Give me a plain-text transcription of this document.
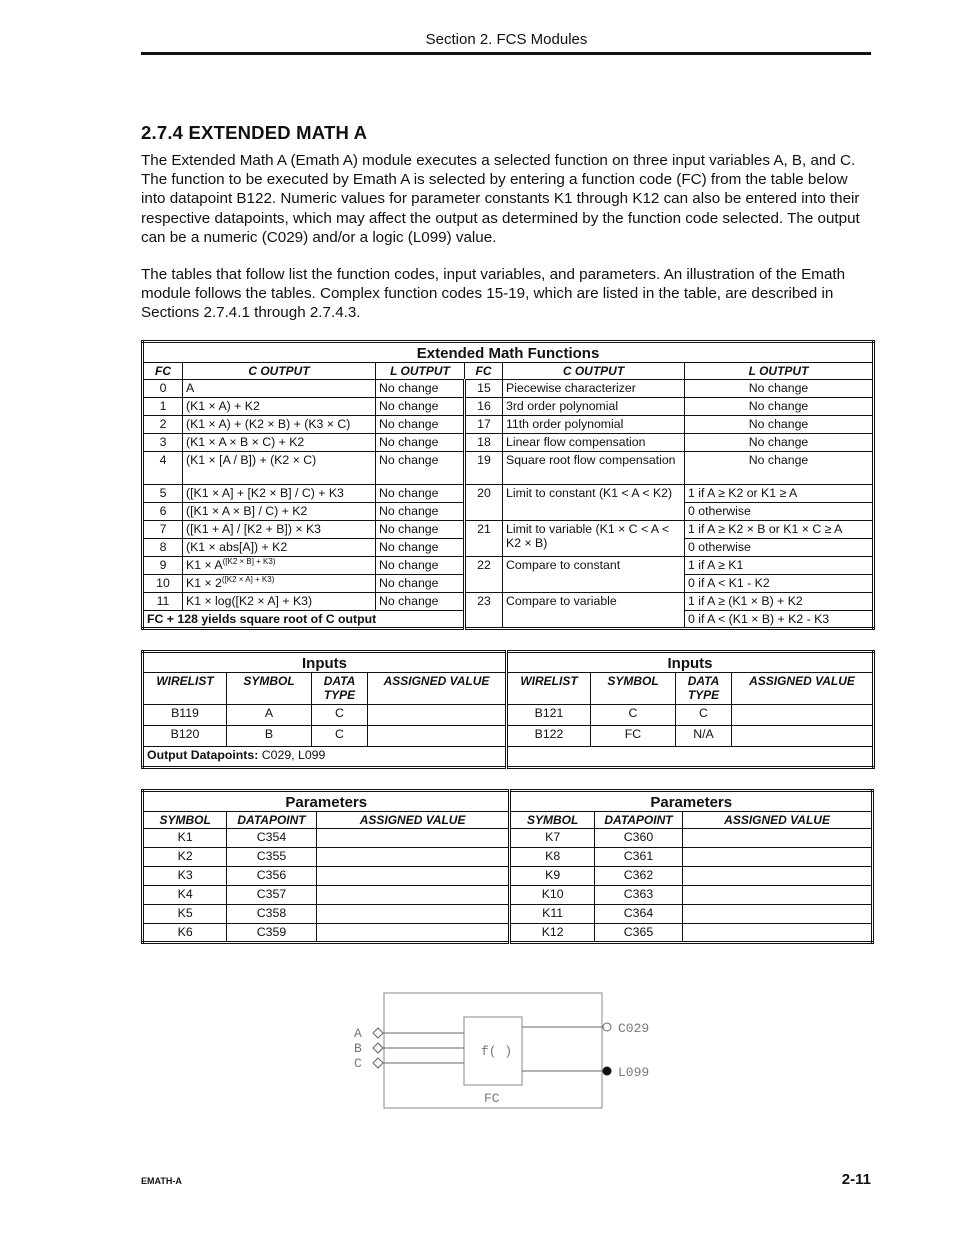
Section 2. FCS Modules
2.7.4 EXTENDED MATH A
The Extended Math A (Emath A) module executes a selected function on three input variables A, B, and C. The function to be executed by Emath A is selected by entering a function code (FC) from the table below into datapoint B122. Numeric values for parameter constants K1 through K12 can also be entered into their respective datapoints, which may affect the output as determined by the function code selected. The output can be a numeric (C029) and/or a logic (L099) value.
The tables that follow list the function codes, input variables, and parameters. An illustration of the Emath module follows the tables. Complex function codes 15-19, which are listed in the table, are described in Sections 2.7.4.1 through 2.7.4.3.
Extended Math Functions					
FC	C OUTPUT	L OUTPUT	FC	C OUTPUT	L OUTPUT
0	A	No change	15	Piecewise characterizer	No change
1	(K1 × A) + K2	No change	16	3rd order polynomial	No change
2	(K1 × A) + (K2 × B) + (K3 × C)	No change	17	11th order polynomial	No change
3	(K1 × A × B × C) + K2	No change	18	Linear flow compensation	No change
4	(K1 × [A / B]) + (K2 × C)	No change	19	Square root flow compensation	No change
5	([K1 × A] + [K2 × B] / C) + K3	No change	20	Limit to constant (K1 < A < K2)	1 if A ≥ K2 or K1 ≥ A
6	([K1 × A × B] / C) + K2	No change			0 otherwise
7	([K1 + A] / [K2 + B]) × K3	No change	21	Limit to variable (K1 × C < A < K2 × B)	1 if A ≥ K2 × B or K1 × C ≥ A
8	(K1 × abs[A]) + K2	No change			0 otherwise
9	$K1 \times A^{([K2 \times B] + K3)}$	No change	22	Compare to constant	1 if A ≥ K1
10	$K1 \times 2^{([K2 \times A] + K3)}$	No change			0 if A < K1 - K2
11	K1 × log([K2 × A] + K3)	No change	23	Compare to variable	1 if A ≥ (K1 × B) + K2
FC + 128 yields square root of C output					0 if A < (K1 × B) + K2 - K3
Inputs				Inputs			
WIRELIST	SYMBOL	DATA TYPE	ASSIGNED VALUE	WIRELIST	SYMBOL	DATA TYPE	ASSIGNED VALUE
B119	A	C		B121	C	C	
B120	B	C		B122	FC	N/A	
Output Datapoints: C029, L099							
Parameters			Parameters		
SYMBOL	DATAPOINT	ASSIGNED VALUE	SYMBOL	DATAPOINT	ASSIGNED VALUE
K1	C354		K7	C360	
K2	C355		K8	C361	
K3	C356		K9	C362	
K4	C357		K10	C363	
K5	C358		K11	C364	
K6	C359		K12	C365	
A
B
C
f( )
C029
L099
FC
EMATH-A	2-11
